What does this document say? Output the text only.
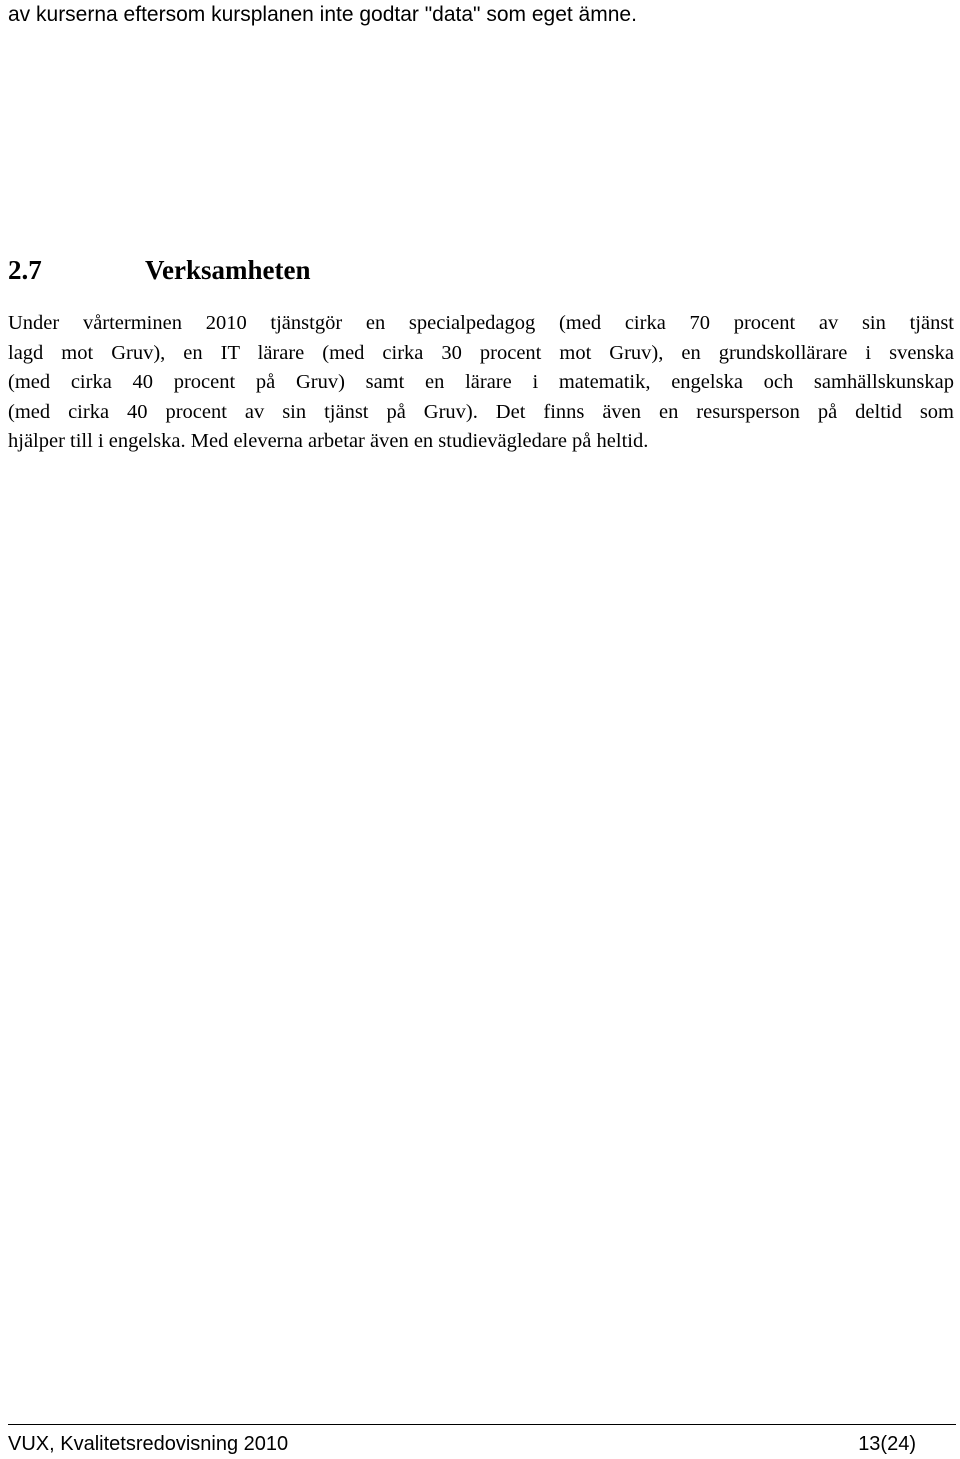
av kurserna eftersom kursplanen inte godtar "data" som eget ämne.
2.7	Verksamheten
Under vårterminen 2010 tjänstgör en specialpedagog (med cirka 70 procent av sin tjänst
lagd mot Gruv), en IT lärare (med cirka 30 procent mot Gruv), en grundskollärare i svenska
(med cirka 40 procent på Gruv) samt en lärare i matematik, engelska och samhällskunskap
(med cirka 40 procent av sin tjänst på Gruv). Det finns även en resursperson på deltid som
hjälper till i engelska. Med eleverna arbetar även en studievägledare på heltid.
VUX, Kvalitetsredovisning 2010	13(24)
